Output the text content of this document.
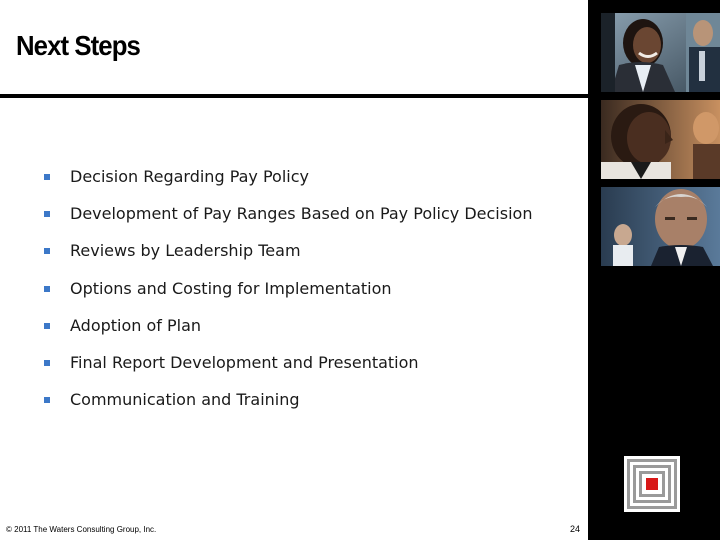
Next Steps
Decision Regarding Pay Policy
Development of Pay Ranges Based on Pay Policy Decision
Reviews by Leadership Team
Options and Costing for Implementation
Adoption of Plan
Final Report Development and Presentation
Communication and Training
© 2011 The Waters Consulting Group, Inc.	24
